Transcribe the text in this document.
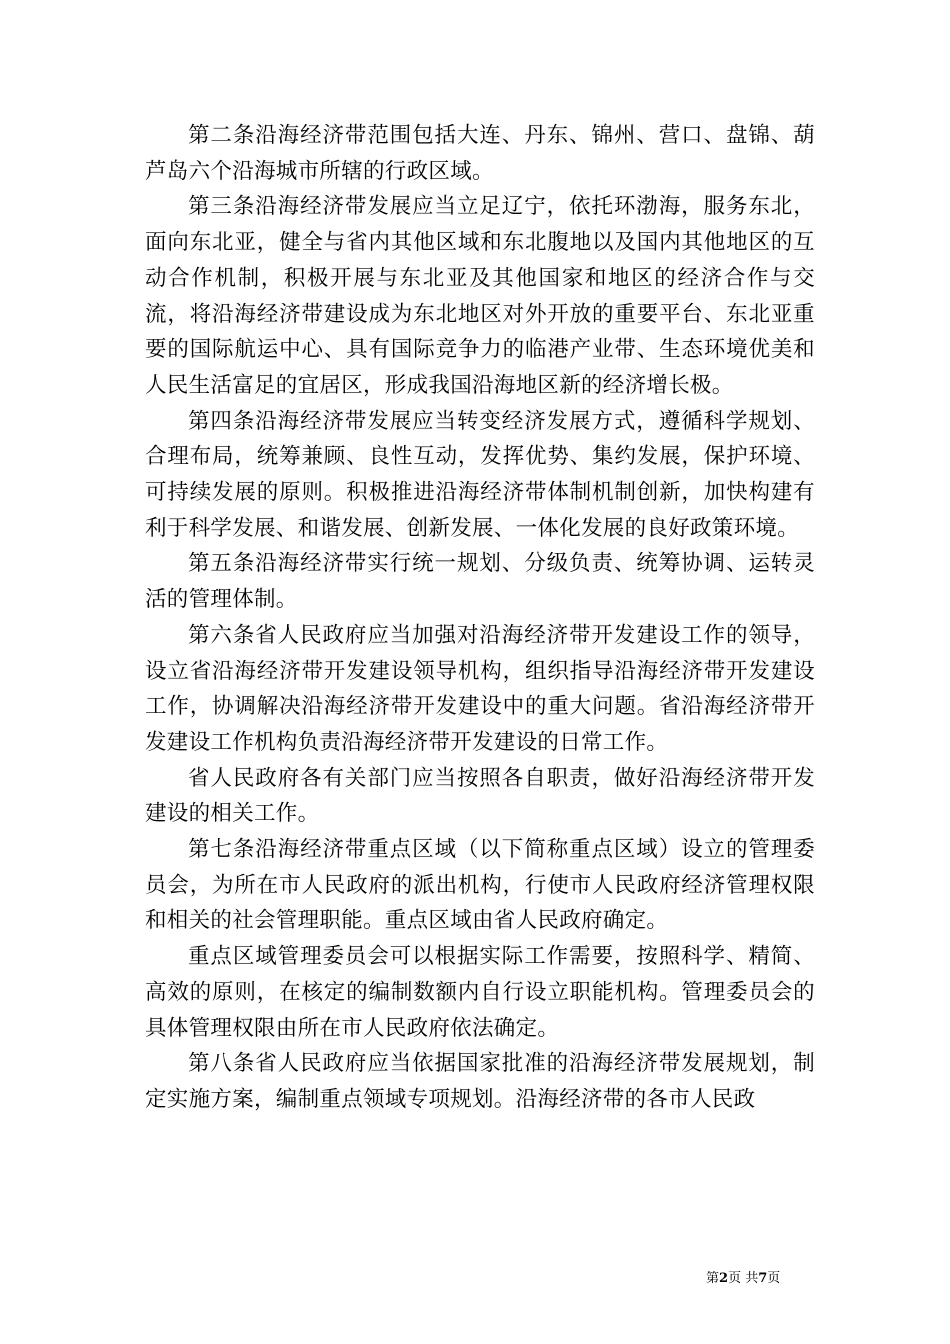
第二条沿海经济带范围包括大连、丹东、锦州、营口、盘锦、葫芦岛六个沿海城市所辖的行政区域。

第三条沿海经济带发展应当立足辽宁，依托环渤海，服务东北，面向东北亚，健全与省内其他区域和东北腹地以及国内其他地区的互动合作机制，积极开展与东北亚及其他国家和地区的经济合作与交流，将沿海经济带建设成为东北地区对外开放的重要平台、东北亚重要的国际航运中心、具有国际竞争力的临港产业带、生态环境优美和人民生活富足的宜居区，形成我国沿海地区新的经济增长极。

第四条沿海经济带发展应当转变经济发展方式，遵循科学规划、合理布局，统筹兼顾、良性互动，发挥优势、集约发展，保护环境、可持续发展的原则。积极推进沿海经济带体制机制创新，加快构建有利于科学发展、和谐发展、创新发展、一体化发展的良好政策环境。

第五条沿海经济带实行统一规划、分级负责、统筹协调、运转灵活的管理体制。

第六条省人民政府应当加强对沿海经济带开发建设工作的领导，设立省沿海经济带开发建设领导机构，组织指导沿海经济带开发建设工作，协调解决沿海经济带开发建设中的重大问题。省沿海经济带开发建设工作机构负责沿海经济带开发建设的日常工作。

省人民政府各有关部门应当按照各自职责，做好沿海经济带开发建设的相关工作。

第七条沿海经济带重点区域（以下简称重点区域）设立的管理委员会，为所在市人民政府的派出机构，行使市人民政府经济管理权限和相关的社会管理职能。重点区域由省人民政府确定。

重点区域管理委员会可以根据实际工作需要，按照科学、精简、高效的原则，在核定的编制数额内自行设立职能机构。管理委员会的具体管理权限由所在市人民政府依法确定。

第八条省人民政府应当依据国家批准的沿海经济带发展规划，制定实施方案，编制重点领域专项规划。沿海经济带的各市人民政

第2页 共7页
